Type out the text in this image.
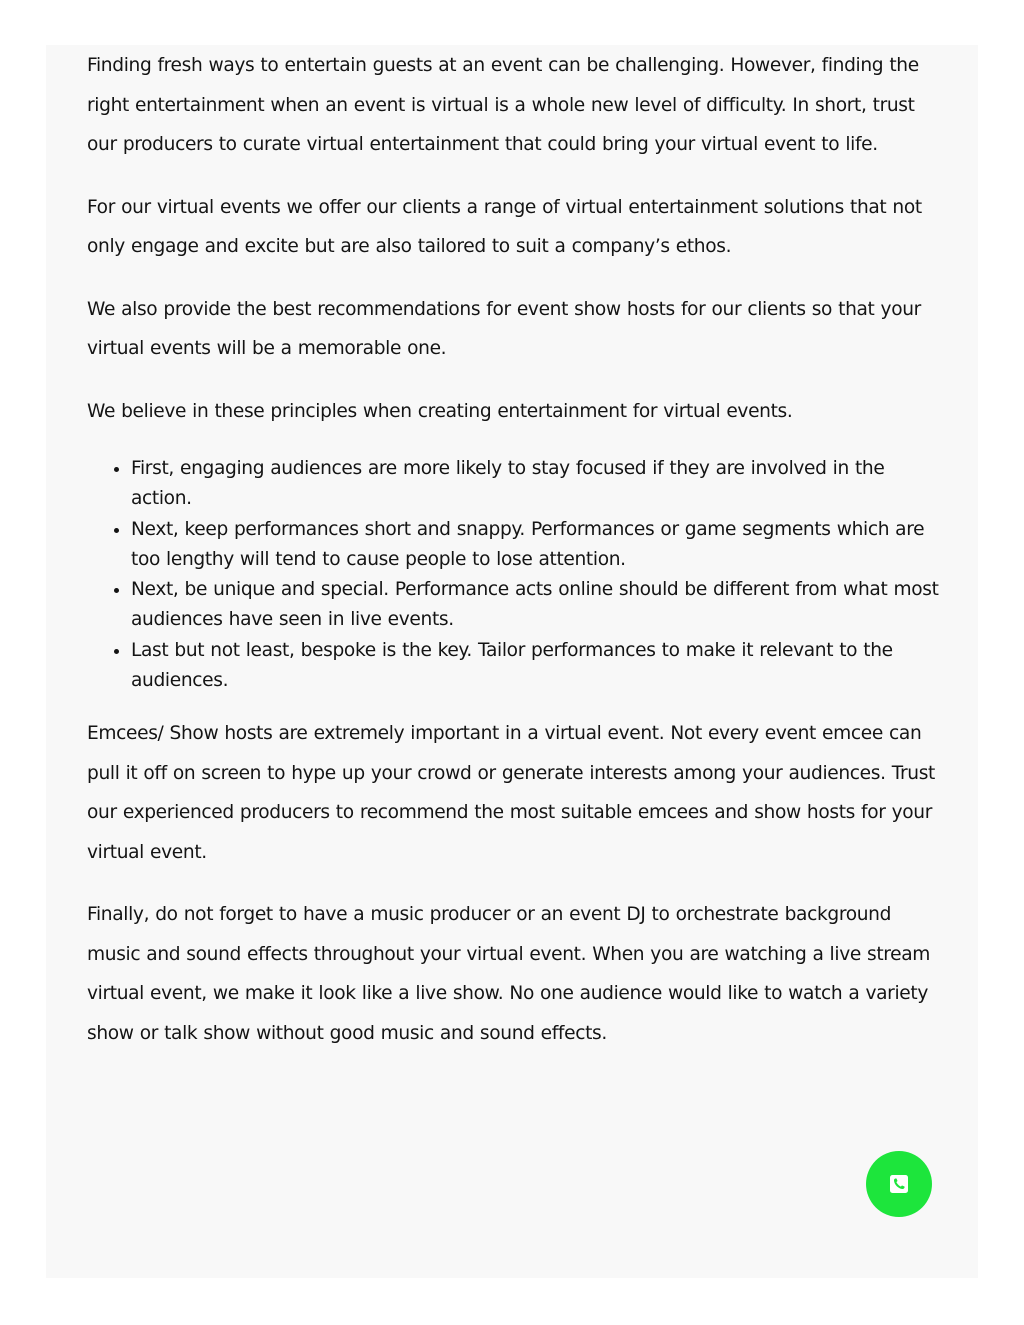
Finding fresh ways to entertain guests at an event can be challenging. However, finding the right entertainment when an event is virtual is a whole new level of difficulty. In short, trust our producers to curate virtual entertainment that could bring your virtual event to life.

For our virtual events we offer our clients a range of virtual entertainment solutions that not only engage and excite but are also tailored to suit a company’s ethos.

We also provide the best recommendations for event show hosts for our clients so that your virtual events will be a memorable one.

We believe in these principles when creating entertainment for virtual events.

• First, engaging audiences are more likely to stay focused if they are involved in the action.
• Next, keep performances short and snappy. Performances or game segments which are too lengthy will tend to cause people to lose attention.
• Next, be unique and special. Performance acts online should be different from what most audiences have seen in live events.
• Last but not least, bespoke is the key. Tailor performances to make it relevant to the audiences.

Emcees/ Show hosts are extremely important in a virtual event. Not every event emcee can pull it off on screen to hype up your crowd or generate interests among your audiences. Trust our experienced producers to recommend the most suitable emcees and show hosts for your virtual event.

Finally, do not forget to have a music producer or an event DJ to orchestrate background music and sound effects throughout your virtual event. When you are watching a live stream virtual event, we make it look like a live show. No one audience would like to watch a variety show or talk show without good music and sound effects.
